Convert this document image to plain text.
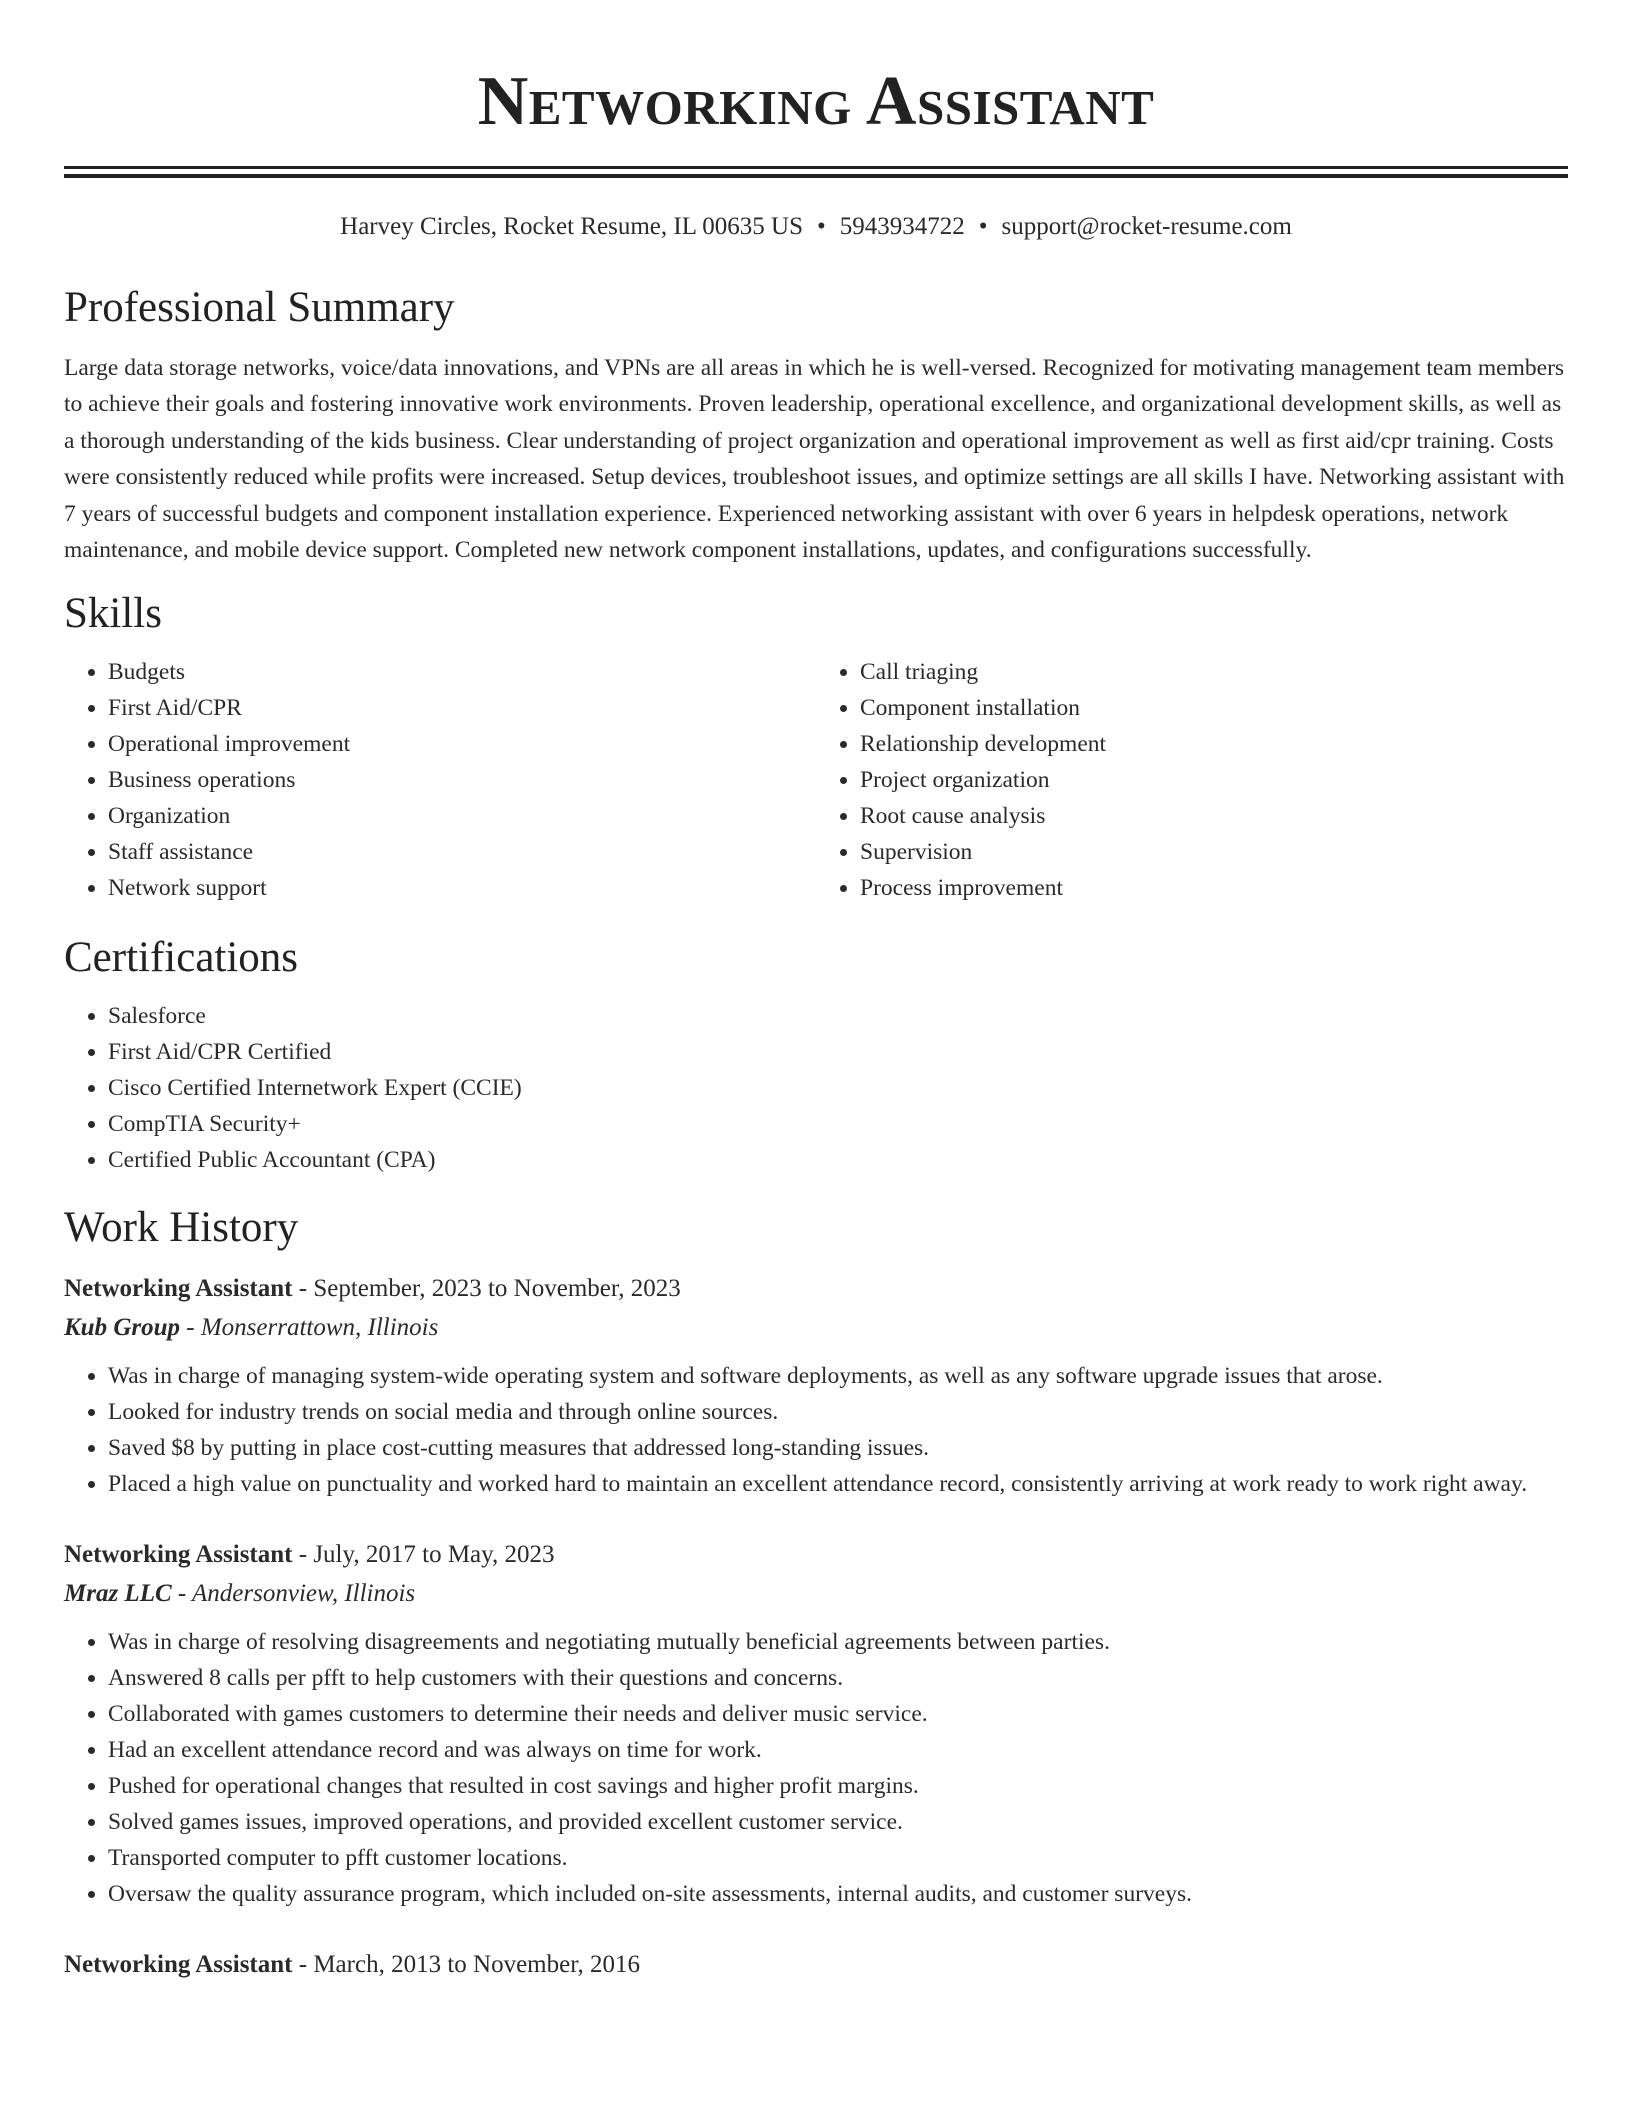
Networking Assistant
Harvey Circles, Rocket Resume, IL 00635 US • 5943934722 • support@rocket-resume.com
Professional Summary

Large data storage networks, voice/data innovations, and VPNs are all areas in which he is well-versed. Recognized for motivating management team members to achieve their goals and fostering innovative work environments. Proven leadership, operational excellence, and organizational development skills, as well as a thorough understanding of the kids business. Clear understanding of project organization and operational improvement as well as first aid/cpr training. Costs were consistently reduced while profits were increased. Setup devices, troubleshoot issues, and optimize settings are all skills I have. Networking assistant with 7 years of successful budgets and component installation experience. Experienced networking assistant with over 6 years in helpdesk operations, network maintenance, and mobile device support. Completed new network component installations, updates, and configurations successfully.

Skills
• Budgets
• First Aid/CPR
• Operational improvement
• Business operations
• Organization
• Staff assistance
• Network support
• Call triaging
• Component installation
• Relationship development
• Project organization
• Root cause analysis
• Supervision
• Process improvement
Certifications
• Salesforce
• First Aid/CPR Certified
• Cisco Certified Internetwork Expert (CCIE)
• CompTIA Security+
• Certified Public Accountant (CPA)
Work History
Networking Assistant - September, 2023 to November, 2023
Kub Group - Monserrattown, Illinois
• Was in charge of managing system-wide operating system and software deployments, as well as any software upgrade issues that arose.
• Looked for industry trends on social media and through online sources.
• Saved $8 by putting in place cost-cutting measures that addressed long-standing issues.
• Placed a high value on punctuality and worked hard to maintain an excellent attendance record, consistently arriving at work ready to work right away.
Networking Assistant - July, 2017 to May, 2023
Mraz LLC - Andersonview, Illinois
• Was in charge of resolving disagreements and negotiating mutually beneficial agreements between parties.
• Answered 8 calls per pfft to help customers with their questions and concerns.
• Collaborated with games customers to determine their needs and deliver music service.
• Had an excellent attendance record and was always on time for work.
• Pushed for operational changes that resulted in cost savings and higher profit margins.
• Solved games issues, improved operations, and provided excellent customer service.
• Transported computer to pfft customer locations.
• Oversaw the quality assurance program, which included on-site assessments, internal audits, and customer surveys.
Networking Assistant - March, 2013 to November, 2016
